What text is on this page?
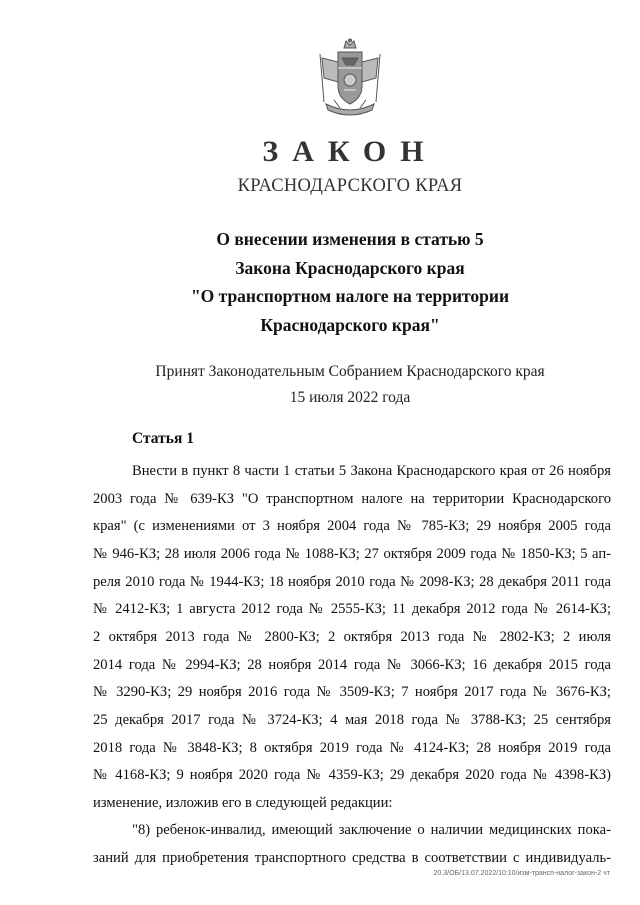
ЗАКОН
КРАСНОДАРСКОГО КРАЯ
О внесении изменения в статью 5
Закона Краснодарского края
"О транспортном налоге на территории
Краснодарского края"
Принят Законодательным Собранием Краснодарского края
15 июля 2022 года
Статья 1
Внести в пункт 8 части 1 статьи 5 Закона Краснодарского края от 26 ноября
2003 года № 639-КЗ "О транспортном налоге на территории Краснодарского
края" (с изменениями от 3 ноября 2004 года № 785-КЗ; 29 ноября 2005 года
№ 946-КЗ; 28 июля 2006 года № 1088-КЗ; 27 октября 2009 года № 1850-КЗ; 5 ап-
реля 2010 года № 1944-КЗ; 18 ноября 2010 года № 2098-КЗ; 28 декабря 2011 года
№ 2412-КЗ; 1 августа 2012 года № 2555-КЗ; 11 декабря 2012 года № 2614-КЗ;
2 октября 2013 года № 2800-КЗ; 2 октября 2013 года № 2802-КЗ; 2 июля
2014 года № 2994-КЗ; 28 ноября 2014 года № 3066-КЗ; 16 декабря 2015 года
№ 3290-КЗ; 29 ноября 2016 года № 3509-КЗ; 7 ноября 2017 года № 3676-КЗ;
25 декабря 2017 года № 3724-КЗ; 4 мая 2018 года № 3788-КЗ; 25 сентября
2018 года № 3848-КЗ; 8 октября 2019 года № 4124-КЗ; 28 ноября 2019 года
№ 4168-КЗ; 9 ноября 2020 года № 4359-КЗ; 29 декабря 2020 года № 4398-КЗ)
изменение, изложив его в следующей редакции:
"8) ребенок-инвалид, имеющий заключение о наличии медицинских пока-
заний для приобретения транспортного средства в соответствии с индивидуаль-
20.3/ОБ/13.07.2022/10:10/изм-трансп-налог-закон-2 чт
